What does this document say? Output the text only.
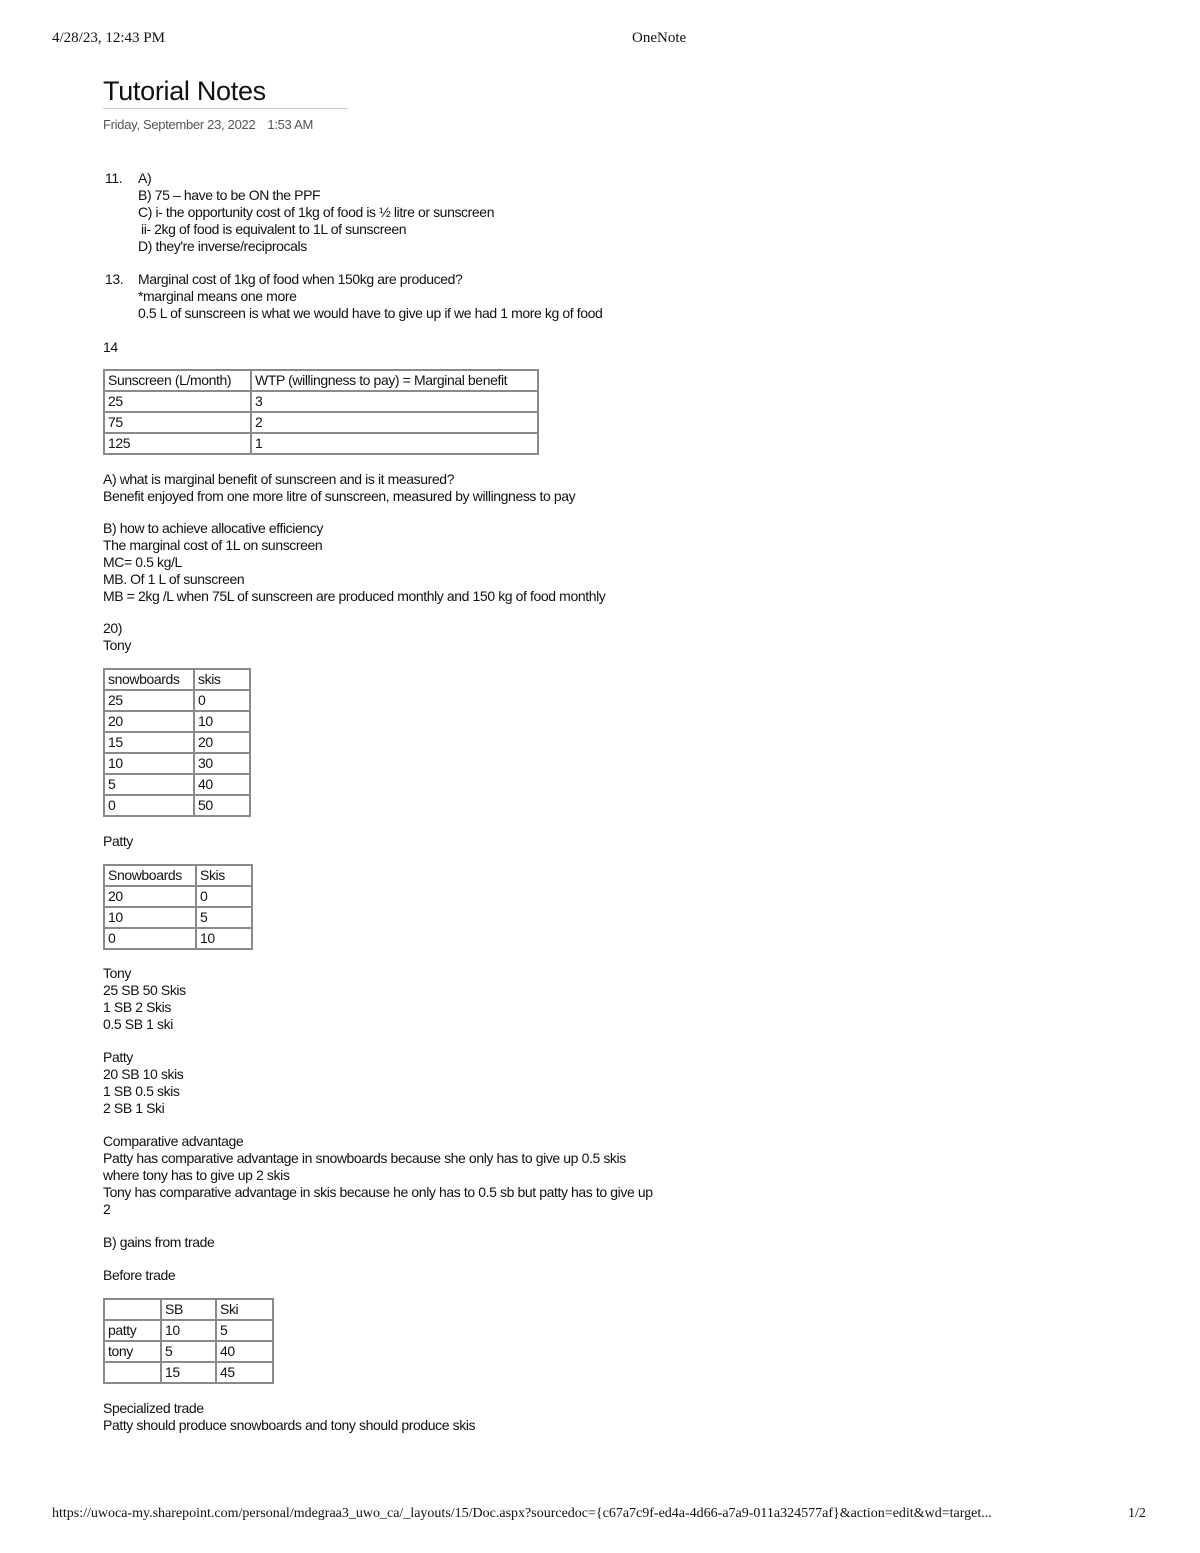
4/28/23, 12:43 PM	OneNote
Tutorial Notes
Friday, September 23, 2022 1:53 AM
11. A)
B) 75 – have to be ON the PPF
C) i- the opportunity cost of 1kg of food is ½ litre or sunscreen
ii- 2kg of food is equivalent to 1L of sunscreen
D) they're inverse/reciprocals
13. Marginal cost of 1kg of food when 150kg are produced?
*marginal means one more
0.5 L of sunscreen is what we would have to give up if we had 1 more kg of food
14
Sunscreen (L/month)	WTP (willingness to pay) = Marginal benefit
25	3
75	2
125	1
A) what is marginal benefit of sunscreen and is it measured?
Benefit enjoyed from one more litre of sunscreen, measured by willingness to pay
B) how to achieve allocative efficiency
The marginal cost of 1L on sunscreen
MC= 0.5 kg/L
MB. Of 1 L of sunscreen
MB = 2kg /L when 75L of sunscreen are produced monthly and 150 kg of food monthly
20)
Tony
snowboards	skis
25	0
20	10
15	20
10	30
5	40
0	50
Patty
Snowboards	Skis
20	0
10	5
0	10
Tony
25 SB 50 Skis
1 SB 2 Skis
0.5 SB 1 ski
Patty
20 SB 10 skis
1 SB 0.5 skis
2 SB 1 Ski
Comparative advantage
Patty has comparative advantage in snowboards because she only has to give up 0.5 skis
where tony has to give up 2 skis
Tony has comparative advantage in skis because he only has to 0.5 sb but patty has to give up
2
B) gains from trade
Before trade
	SB	Ski
patty	10	5
tony	5	40
	15	45
Specialized trade
Patty should produce snowboards and tony should produce skis
https://uwoca-my.sharepoint.com/personal/mdegraa3_uwo_ca/_layouts/15/Doc.aspx?sourcedoc={c67a7c9f-ed4a-4d66-a7a9-011a324577af}&action=edit&wd=target...	1/2
